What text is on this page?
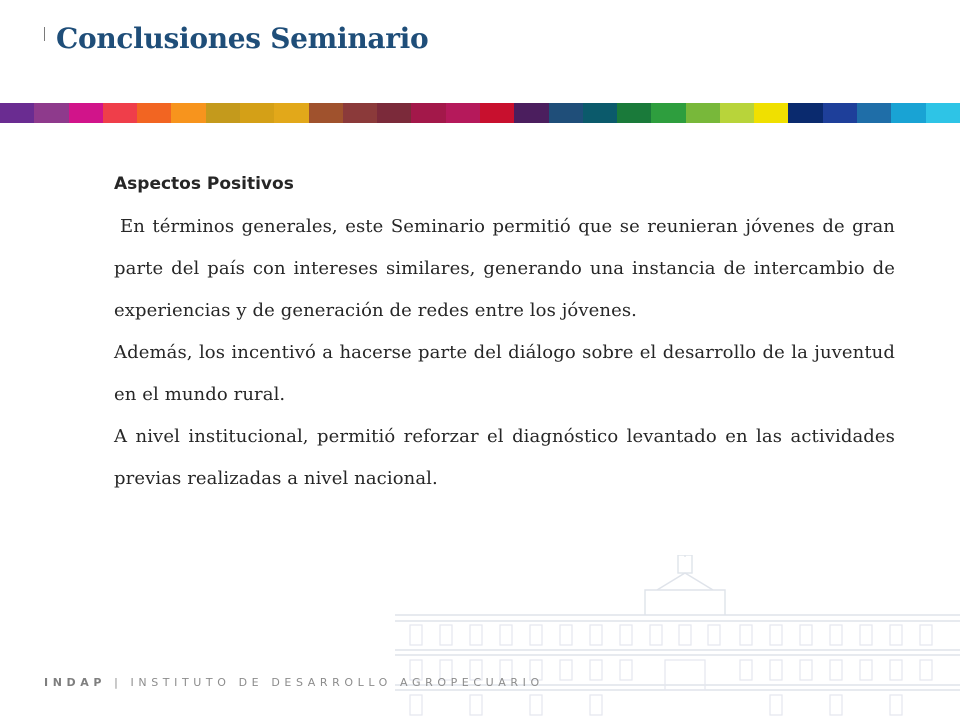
Conclusiones Seminario
Aspectos Positivos

En términos generales, este Seminario permitió que se reunieran jóvenes de gran parte del país con intereses similares, generando una instancia de intercambio de experiencias y de generación de redes entre los jóvenes.

Además, los incentivó a hacerse parte del diálogo sobre el desarrollo de la juventud en el mundo rural.

A nivel institucional, permitió reforzar el diagnóstico levantado en las actividades previas realizadas a nivel nacional.

INDAP | INSTITUTO DE DESARROLLO AGROPECUARIO
